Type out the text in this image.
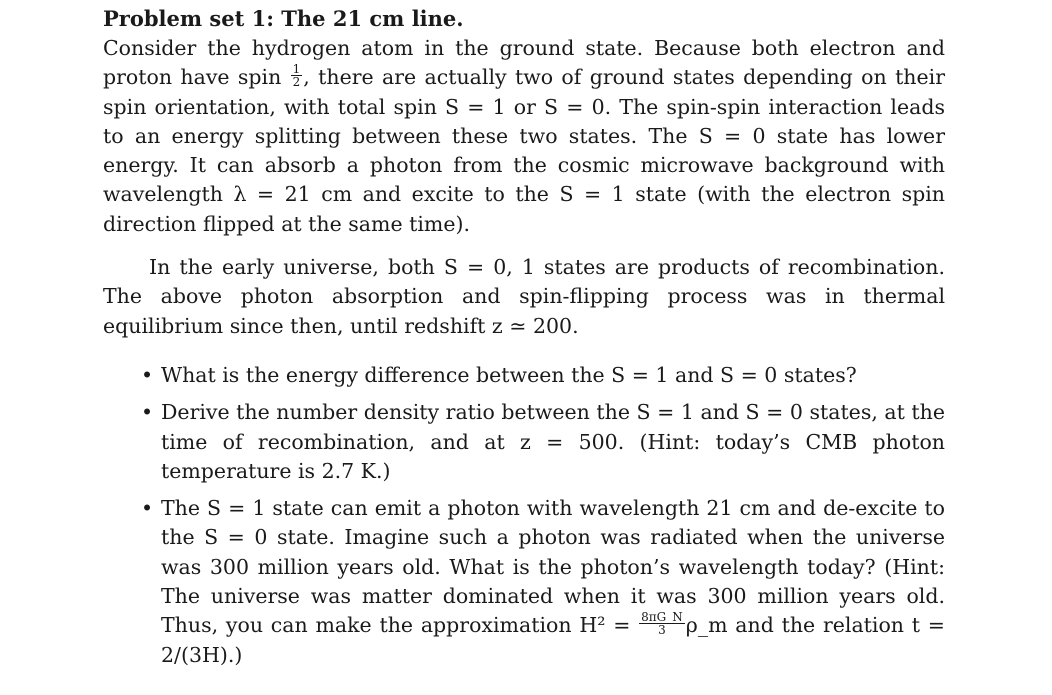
Problem set 1: The 21 cm line.

Consider the hydrogen atom in the ground state. Because both electron and proton have spin $\frac{1}{2}$ , there are actually two of ground states depending on their spin orientation, with total spin S = 1 or S = 0. The spin-spin interaction leads to an energy splitting between these two states. The S = 0 state has lower energy. It can absorb a photon from the cosmic microwave background with wavelength λ = 21 cm and excite to the S = 1 state (with the electron spin direction flipped at the same time).

In the early universe, both S = 0, 1 states are products of recombination. The above photon absorption and spin-flipping process was in thermal equilibrium since then, until redshift z ≃ 200.

• What is the energy difference between the S = 1 and S = 0 states?
• Derive the number density ratio between the S = 1 and S = 0 states, at the time of recombination, and at z = 500. (Hint: today’s CMB photon temperature is 2.7 K.)
• The S = 1 state can emit a photon with wavelength 21 cm and de-excite to the S = 0 state. Imagine such a photon was radiated when the universe was 300 million years old. What is the photon’s wavelength today? (Hint: The universe was matter dominated when it was 300 million years old. Thus, you can make the approximation $H^2 = \frac{8\pi G\_N}{3}$ ρ_m and the relation t = 2/(3H).)
